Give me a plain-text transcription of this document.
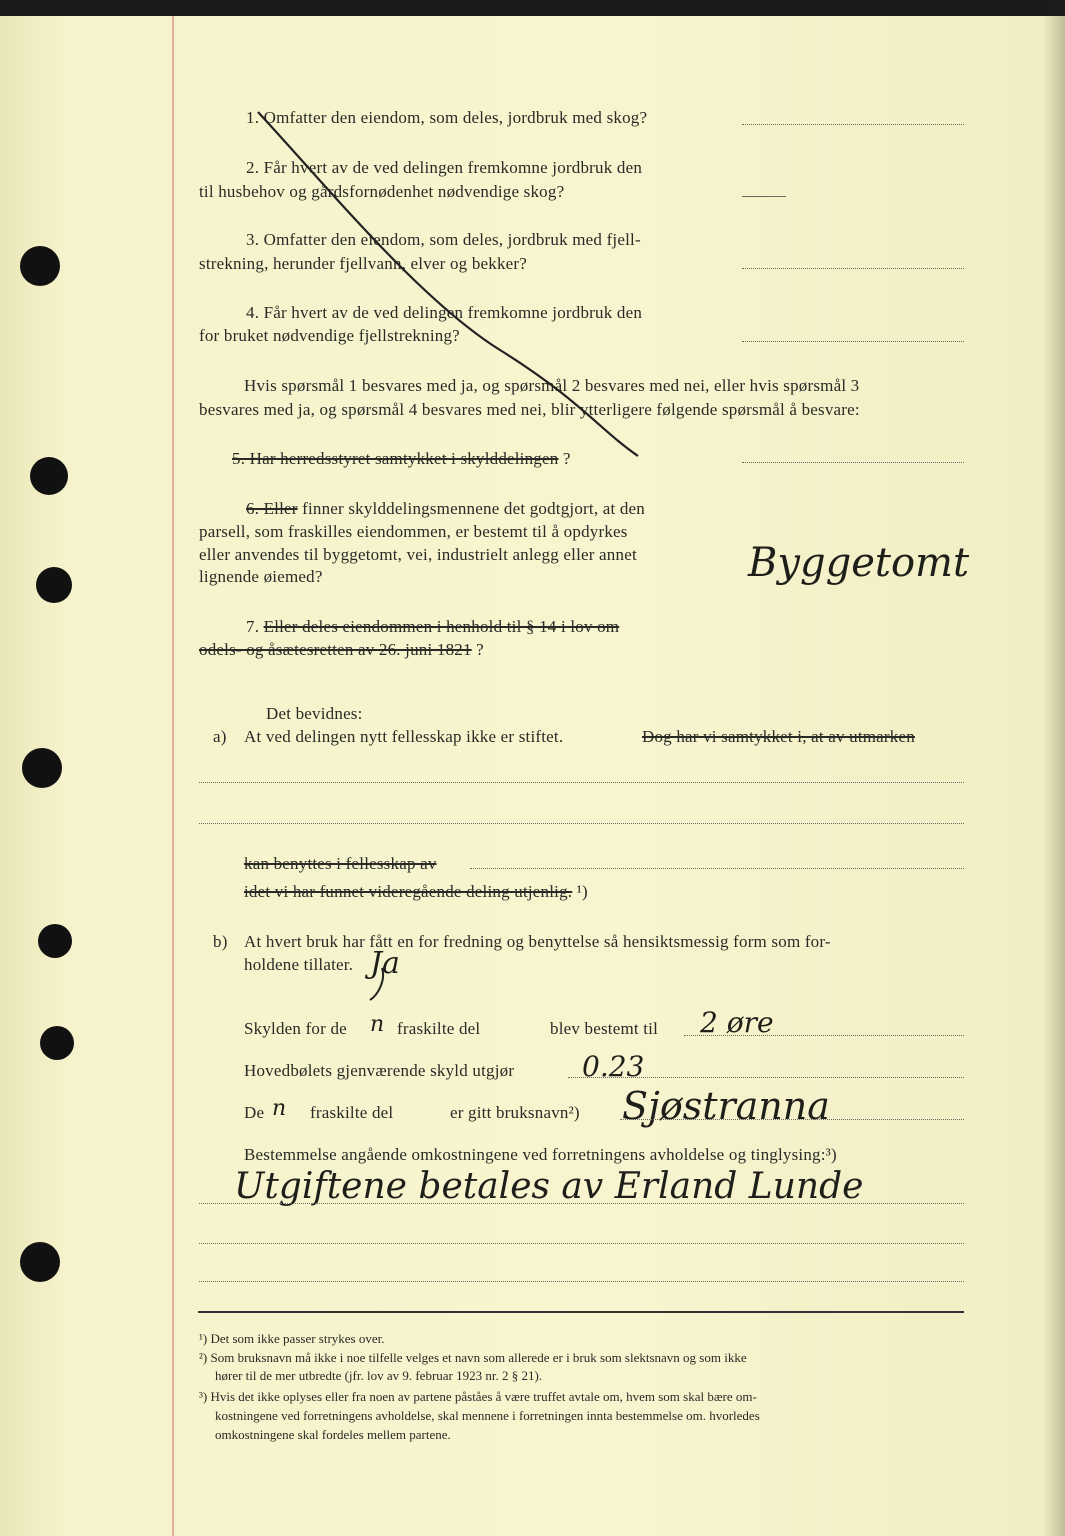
1. Omfatter den eiendom, som deles, jordbruk med skog?
2. Får hvert av de ved delingen fremkomne jordbruk den
til husbehov og gårdsfornødenhet nødvendige skog?
3. Omfatter den eiendom, som deles, jordbruk med fjell-
strekning, herunder fjellvann, elver og bekker?
4. Får hvert av de ved delingen fremkomne jordbruk den
for bruket nødvendige fjellstrekning?
Hvis spørsmål 1 besvares med ja, og spørsmål 2 besvares med nei, eller hvis spørsmål 3
besvares med ja, og spørsmål 4 besvares med nei, blir ytterligere følgende spørsmål å besvare:
5. Har herredsstyret samtykket i skylddelingen ?
6. Eller finner skylddelingsmennene det godtgjort, at den
parsell, som fraskilles eiendommen, er bestemt til å opdyrkes
eller anvendes til byggetomt, vei, industrielt anlegg eller annet
lignende øiemed?	Byggetomt
7. Eller deles eiendommen i henhold til § 14 i lov om
odels- og åsætesretten av 26. juni 1821 ?
Det bevidnes:
a) At ved delingen nytt fellesskap ikke er stiftet.	Dog har vi samtykket i, at av utmarken
kan benyttes i fellesskap av
idet vi har funnet videregående deling utjenlig. ¹)
b) At hvert bruk har fått en for fredning og benyttelse så hensiktsmessig form som for-
holdene tillater. Ja
Skylden for de n fraskilte del	blev bestemt til 2 øre
Hovedbølets gjenværende skyld utgjør 0.23
De n fraskilte del	er gitt bruksnavn²) Sjøstranna
Bestemmelse angående omkostningene ved forretningens avholdelse og tinglysing:³)
Utgiftene betales av Erland Lunde
¹) Det som ikke passer strykes over.
²) Som bruksnavn må ikke i noe tilfelle velges et navn som allerede er i bruk som slektsnavn og som ikke
hører til de mer utbredte (jfr. lov av 9. februar 1923 nr. 2 § 21).
³) Hvis det ikke oplyses eller fra noen av partene påståes å være truffet avtale om, hvem som skal bære om-
kostningene ved forretningens avholdelse, skal mennene i forretningen innta bestemmelse om. hvorledes
omkostningene skal fordeles mellem partene.
